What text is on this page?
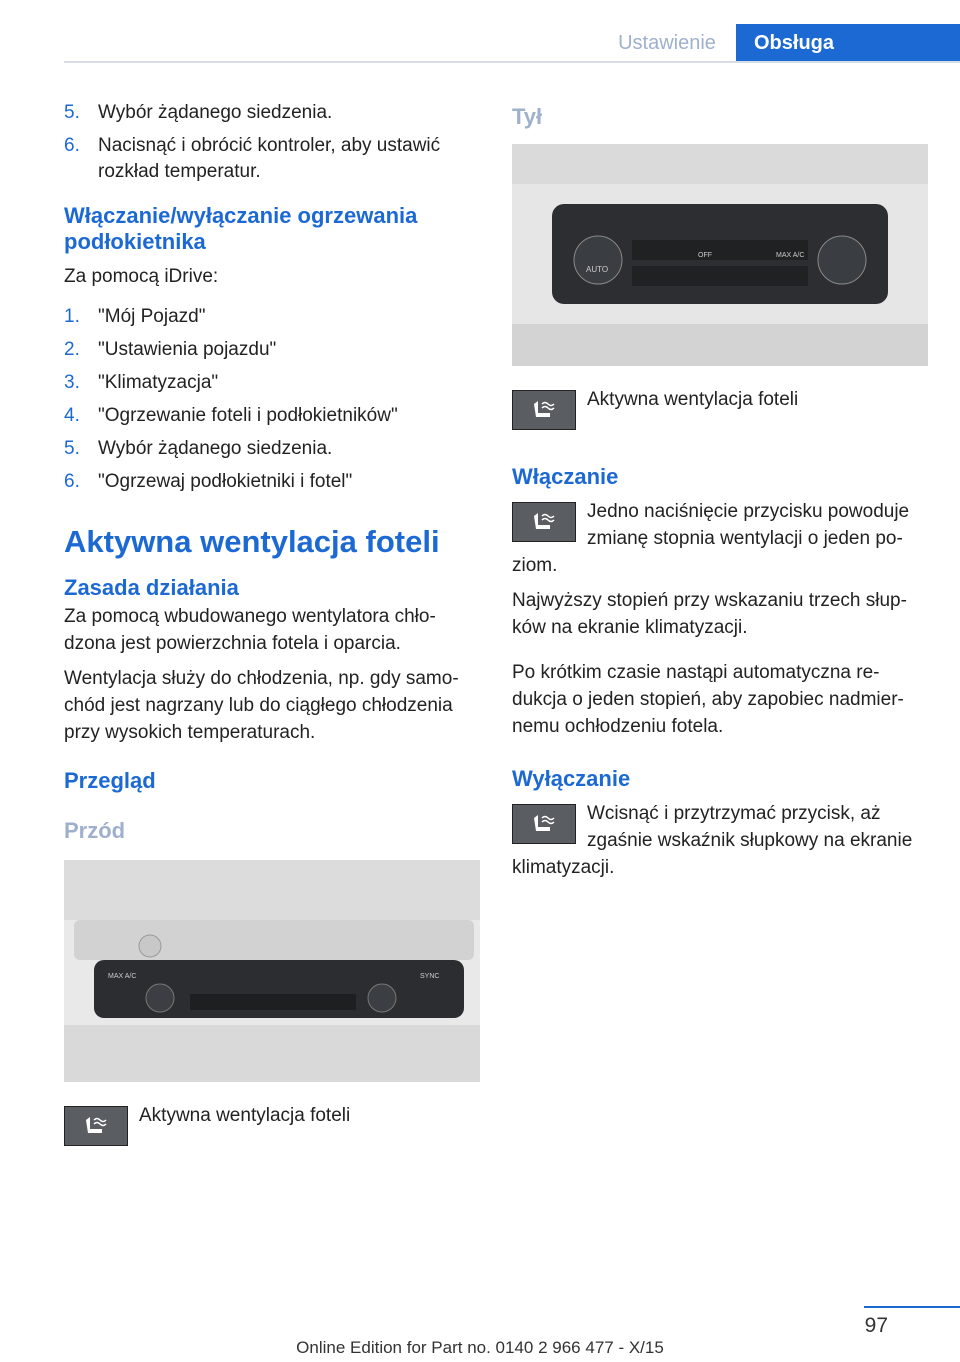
Ustawienie	Obsługa
5. Wybór żądanego siedzenia.
6. Nacisnąć i obrócić kontroler, aby ustawić rozkład temperatur.
Włączanie/wyłączanie ogrzewania podłokietnika

Za pomocą iDrive:

1. "Mój Pojazd"
2. "Ustawienia pojazdu"
3. "Klimatyzacja"
4. "Ogrzewanie foteli i podłokietników"
5. Wybór żądanego siedzenia.
6. "Ogrzewaj podłokietniki i fotel"
Aktywna wentylacja foteli
Zasada działania

Za pomocą wbudowanego wentylatora chłodzona jest powierzchnia fotela i oparcia.

Wentylacja służy do chłodzenia, np. gdy samochód jest nagrzany lub do ciągłego chłodzenia przy wysokich temperaturach.

Przegląd
Przód
MAX A/C	SYNC

Aktywna wentylacja foteli

Tył
AUTO
OFF	MAX A/C

Aktywna wentylacja foteli

Włączanie

Jedno naciśnięcie przycisku powoduje zmianę stopnia wentylacji o jeden poziom.

Najwyższy stopień przy wskazaniu trzech słupków na ekranie klimatyzacji.

Po krótkim czasie nastąpi automatyczna redukcja o jeden stopień, aby zapobiec nadmiernemu ochłodzeniu fotela.

Wyłączanie

Wcisnąć i przytrzymać przycisk, aż zgaśnie wskaźnik słupkowy na ekranie klimatyzacji.

97
Online Edition for Part no. 0140 2 966 477 - X/15
